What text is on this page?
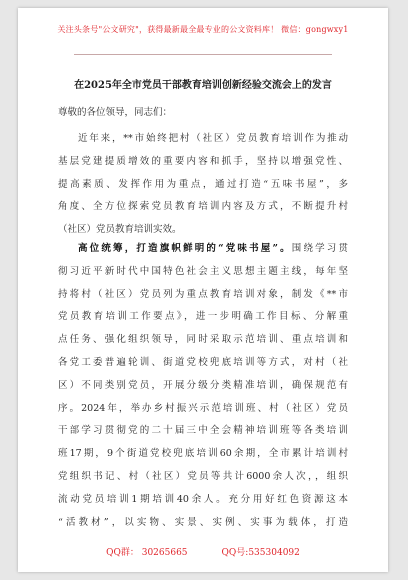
关注头条号"公文研究"，获得最新最全最专业的公文资料库！ 微信：gongwxy1
在2025年全市党员干部教育培训创新经验交流会上的发言
尊敬的各位领导，同志们：
近年来，**市始终把村（社区）党员教育培训作为推动
基层党建提质增效的重要内容和抓手，坚持以增强党性、
提高素质、发挥作用为重点，通过打造“五味书屋”，多
角度、全方位探索党员教育培训内容及方式，不断提升村
（社区）党员教育培训实效。
高位统筹，打造旗帜鲜明的“党味书屋”。围绕学习贯
彻习近平新时代中国特色社会主义思想主题主线，每年坚
持将村（社区）党员列为重点教育培训对象，制发《**市
党员教育培训工作要点》，进一步明确工作目标、分解重
点任务、强化组织领导，同时采取示范培训、重点培训和
各党工委普遍轮训、街道党校兜底培训等方式，对村（社
区）不同类别党员，开展分级分类精准培训，确保规范有
序。2024年，举办乡村振兴示范培训班、村（社区）党员
干部学习贯彻党的二十届三中全会精神培训班等各类培训
班17期，9个街道党校兜底培训60余期，全市累计培训村
党组织书记、村（社区）党员等共计6000余人次，，组织
流动党员培训1期培训40余人。充分用好红色资源这本
“活教材”，以实物、实景、实例、实事为载体，打造
QQ群： 30265665	QQ号:535304092
